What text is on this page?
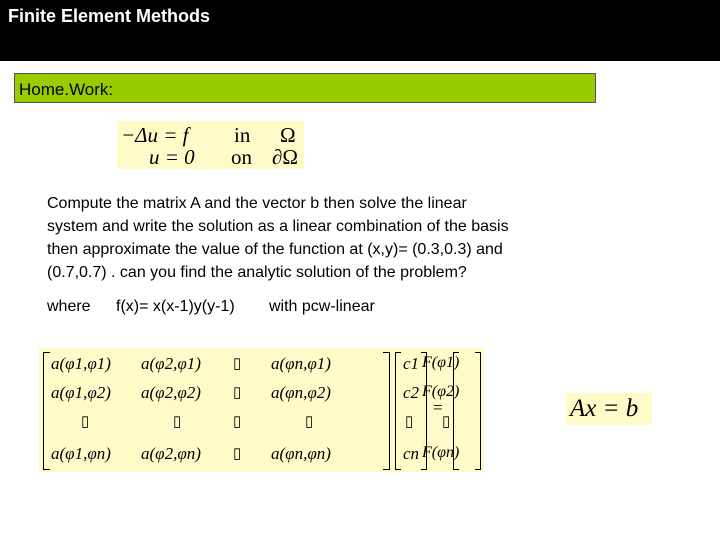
Finite Element Methods
Home.Work:
−Δu = f in Ω
u = 0 on ∂Ω
Compute the matrix A and the vector b then solve the linear
system and write the solution as a linear combination of the basis
then approximate the value of the function at (x,y)= (0.3,0.3) and
(0.7,0.7) . can you find the analytic solution of the problem?
where f(x)= x(x-1)y(y-1) with pcw-linear
a(φ1,φ1) a(φ2,φ1) ▯ a(φn,φ1)
a(φ1,φ2) a(φ2,φ2) ▯ a(φn,φ2)
▯	▯	▯	▯
a(φ1,φn) a(φ2,φn) ▯ a(φn,φn)
c1
c2
▯
cn
=
F(φ1)
F(φ2)
▯
F(φn)
Ax = b
